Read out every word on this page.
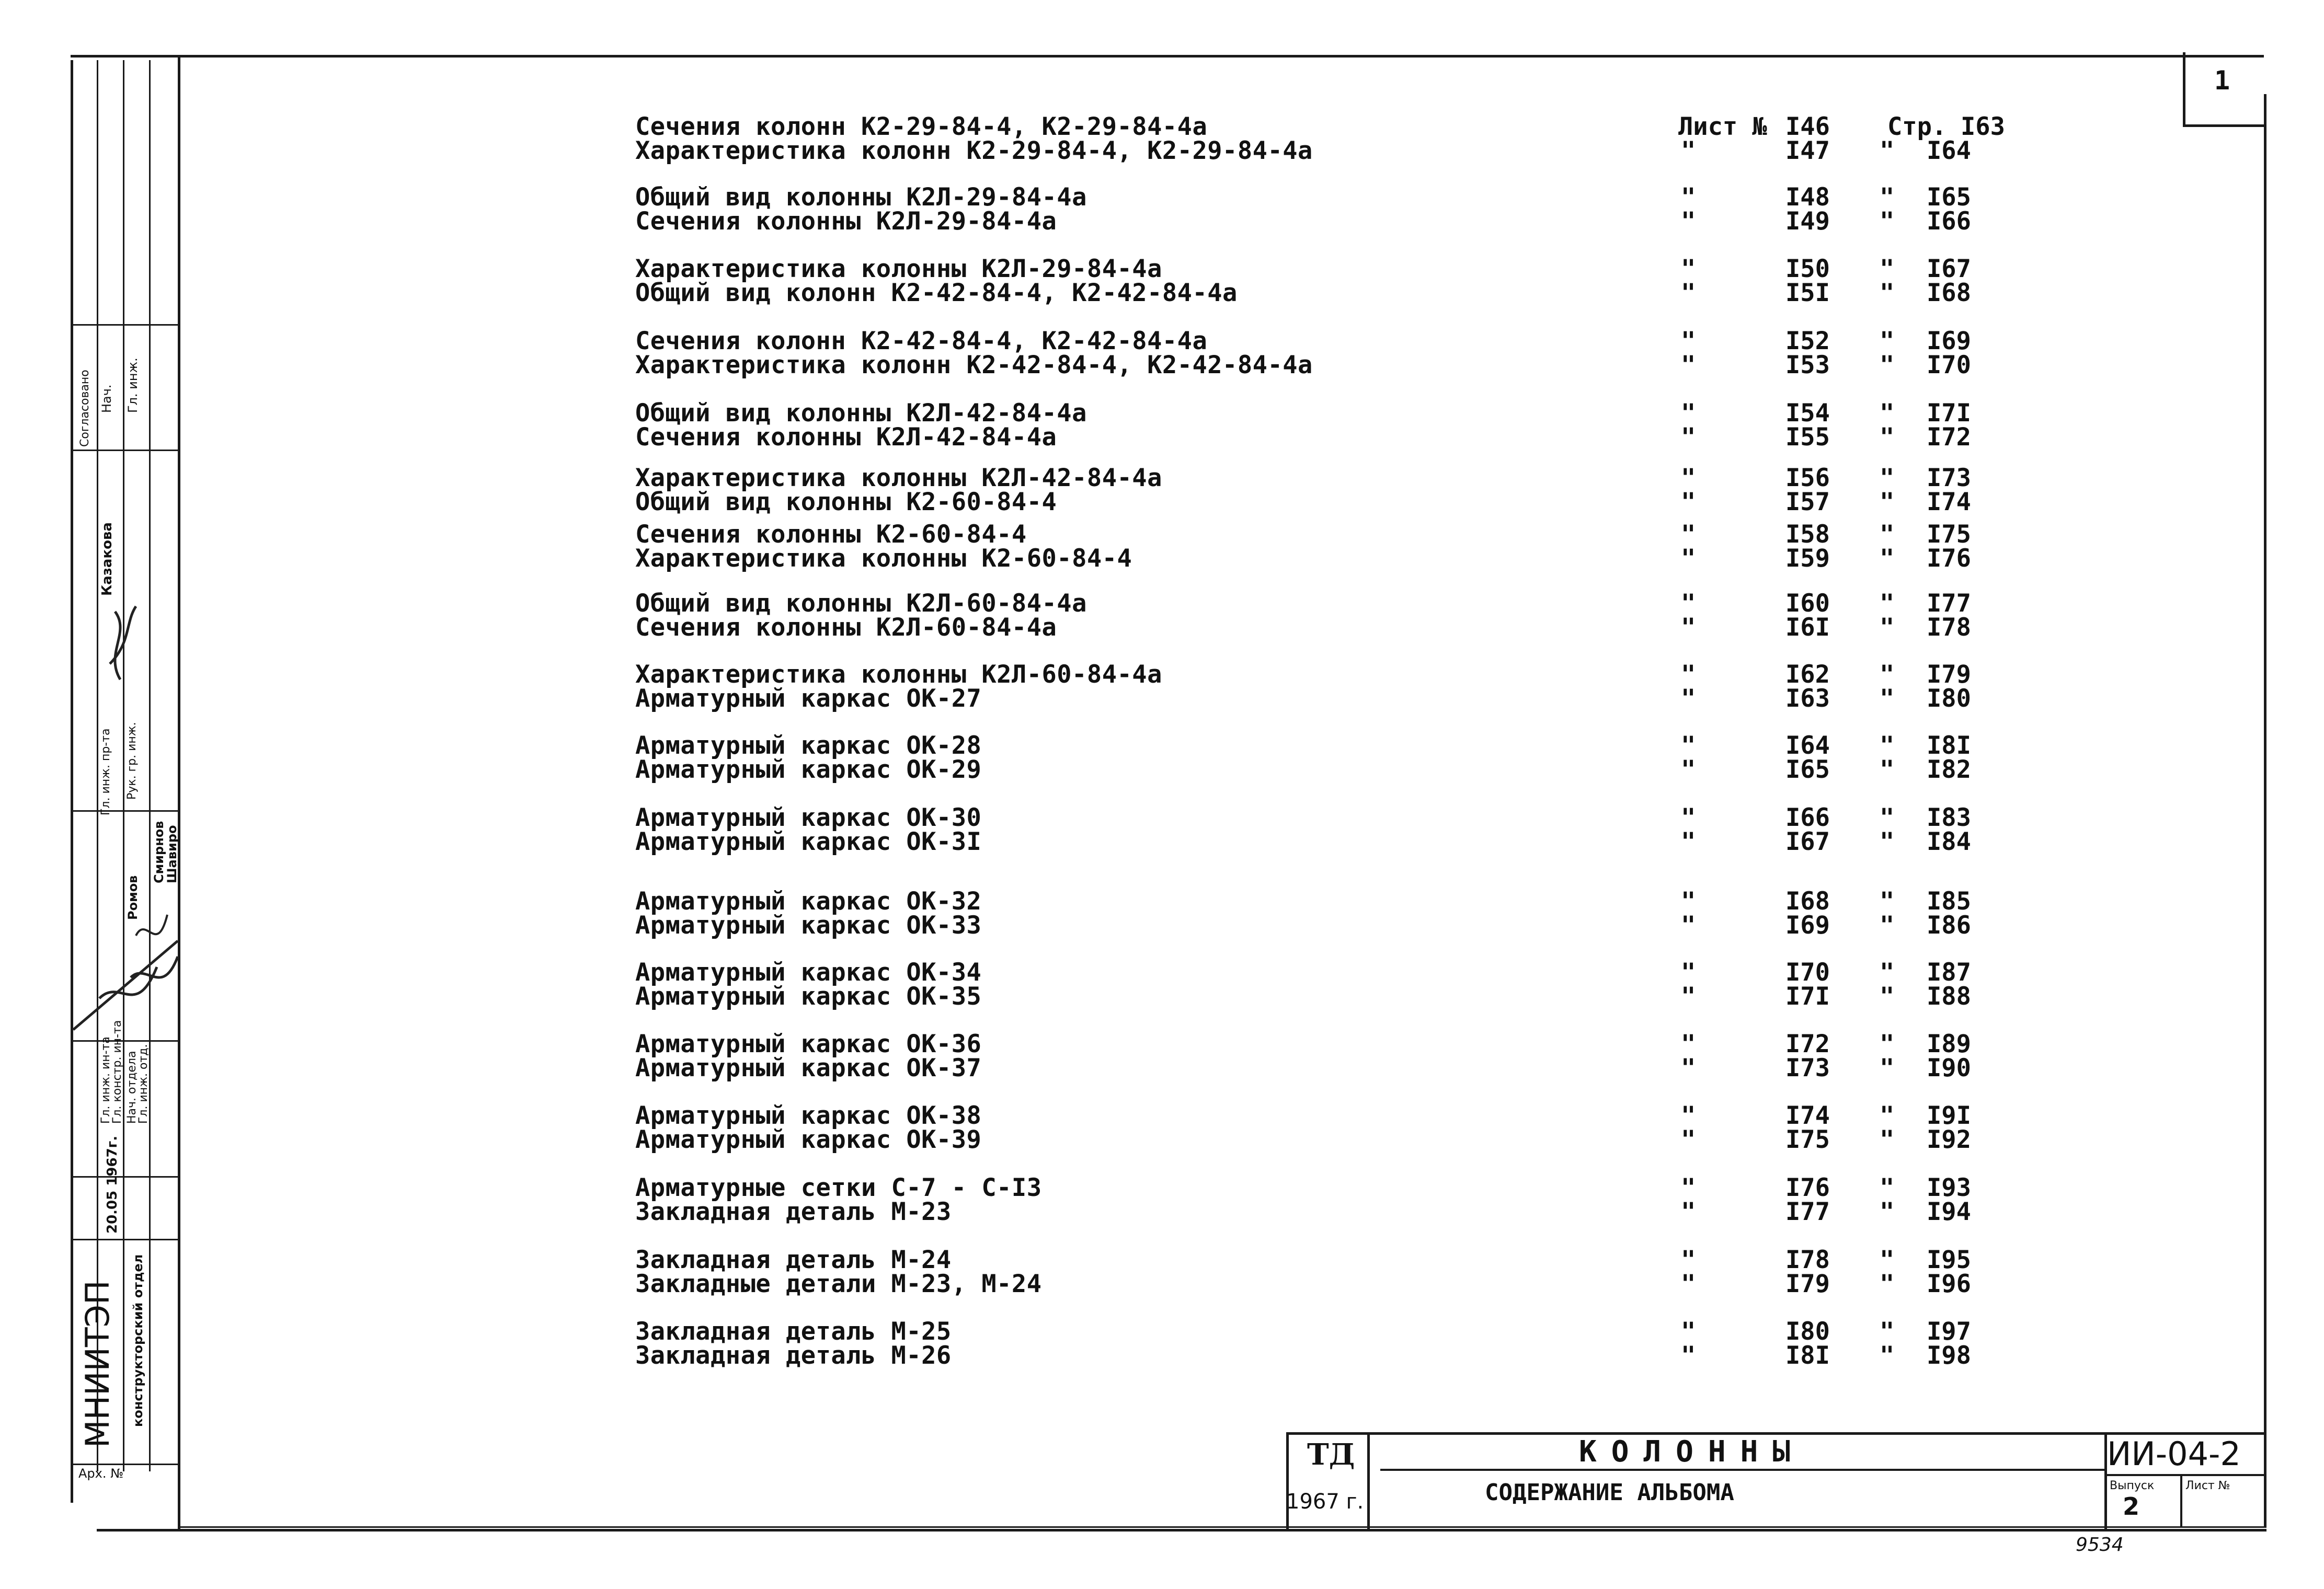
1
Сечения колонн К2-29-84-4, К2-29-84-4а	Лист № I46 Стр. I63
Характеристика колонн К2-29-84-4, К2-29-84-4а	"	I47 " I64
Общий вид колонны К2Л-29-84-4а	"	I48 " I65
Сечения колонны К2Л-29-84-4а	"	I49 " I66
Характеристика колонны К2Л-29-84-4а	"	I50 " I67
Общий вид колонн К2-42-84-4, К2-42-84-4а	"	I5I " I68
Сечения колонн К2-42-84-4, К2-42-84-4а	"	I52 " I69
Характеристика колонн К2-42-84-4, К2-42-84-4а	"	I53 " I70
Общий вид колонны К2Л-42-84-4а	"	I54 " I7I
Сечения колонны К2Л-42-84-4а	"	I55 " I72
Характеристика колонны К2Л-42-84-4а	"	I56 " I73
Общий вид колонны К2-60-84-4	"	I57 " I74
Сечения колонны К2-60-84-4	"	I58 " I75
Характеристика колонны К2-60-84-4	"	I59 " I76
Общий вид колонны К2Л-60-84-4а	"	I60 " I77
Сечения колонны К2Л-60-84-4а	"	I6I " I78
Характеристика колонны К2Л-60-84-4а	"	I62 " I79
Арматурный каркас ОК-27	"	I63 " I80
Арматурный каркас ОК-28	"	I64 " I8I
Арматурный каркас ОК-29	"	I65 " I82
Арматурный каркас ОК-30	"	I66 " I83
Арматурный каркас ОК-3I	"	I67 " I84
Арматурный каркас ОК-32	"	I68 " I85
Арматурный каркас ОК-33	"	I69 " I86
Арматурный каркас ОК-34	"	I70 " I87
Арматурный каркас ОК-35	"	I7I " I88
Арматурный каркас ОК-36	"	I72 " I89
Арматурный каркас ОК-37	"	I73 " I90
Арматурный каркас ОК-38	"	I74 " I9I
Арматурный каркас ОК-39	"	I75 " I92
Арматурные сетки С-7 - С-I3	"	I76 " I93
Закладная деталь М-23	"	I77 " I94
Закладная деталь М-24	"	I78 " I95
Закладные детали М-23, М-24	"	I79 " I96
Закладная деталь М-25	"	I80 " I97
Закладная деталь М-26	"	I8I " I98
МНИИТЭП конструкторский отдел
20.05 1967г.
Гл. инж. ин-та
Гл. констр. ин-та Нач. отдела
Гл. инж. отд.
Гл. инж. пр-та Рук. гр. инж.
Ромов
Смирнов
Шавиро
Казакова
Согласовано Нач. Гл. инж.
Арх. №
ТД
1967 г.
КОЛОННЫ
СОДЕРЖАНИЕ АЛЬБОМА
ИИ-04-2
Выпуск
2
Лист №
9534
